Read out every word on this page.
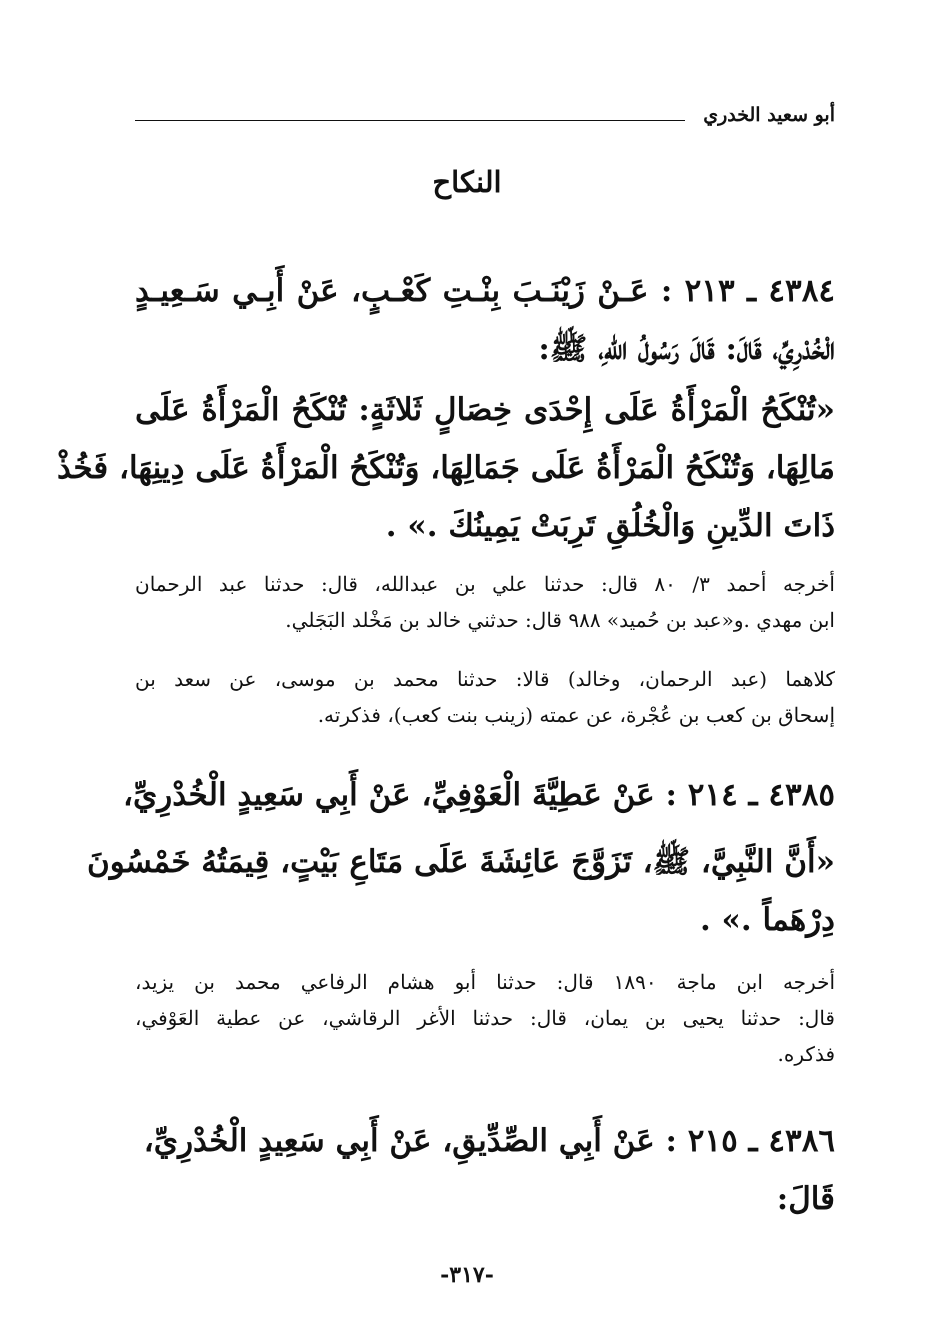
أبو سعيد الخدري
النكاح
٤٣٨٤ ـ ٢١٣ : عَـنْ زَيْنَـبَ بِنْـتِ كَعْـبٍ، عَنْ أَبِـي سَـعِيـدٍ
الْخُدْرِيِّ، قَالَ: قَالَ رَسُولُ اللّٰهِ، ﷺ:
«تُنْكَحُ الْمَرْأَةُ عَلَى إِحْدَى خِصَالٍ ثَلاثَةٍ: تُنْكَحُ الْمَرْأَةُ عَلَى
مَالِهَا، وَتُنْكَحُ الْمَرْأَةُ عَلَى جَمَالِهَا، وَتُنْكَحُ الْمَرْأَةُ عَلَى دِينِهَا، فَخُذْ
ذَاتَ الدِّينِ وَالْخُلُقِ تَرِبَتْ يَمِينُكَ .» .
أخرجه أحمد ٣/ ٨٠ قال: حدثنا علي بن عبدالله، قال: حدثنا عبد الرحمان
ابن مهدي .و«عبد بن حُميد» ٩٨٨ قال: حدثني خالد بن مَخْلد البَجَلي.
كلاهما (عبد الرحمان، وخالد) قالا: حدثنا محمد بن موسى، عن سعد بن
إسحاق بن كعب بن عُجْرة، عن عمته (زينب بنت كعب)، فذكرته.
٤٣٨٥ ـ ٢١٤ : عَنْ عَطِيَّةَ الْعَوْفِيِّ، عَنْ أَبِي سَعِيدٍ الْخُدْرِيِّ،
«أَنَّ النَّبِيَّ، ﷺ، تَزَوَّجَ عَائِشَةَ عَلَى مَتَاعِ بَيْتٍ، قِيمَتُهُ خَمْسُونَ
دِرْهَماً .» .
أخرجه ابن ماجة ١٨٩٠ قال: حدثنا أبو هشام الرفاعي محمد بن يزيد،
قال: حدثنا يحيى بن يمان، قال: حدثنا الأغر الرقاشي، عن عطية العَوْفي،
فذكره.
٤٣٨٦ ـ ٢١٥ : عَنْ أَبِي الصِّدِّيقِ، عَنْ أَبِي سَعِيدٍ الْخُدْرِيِّ،
قَالَ:
-٣١٧-
